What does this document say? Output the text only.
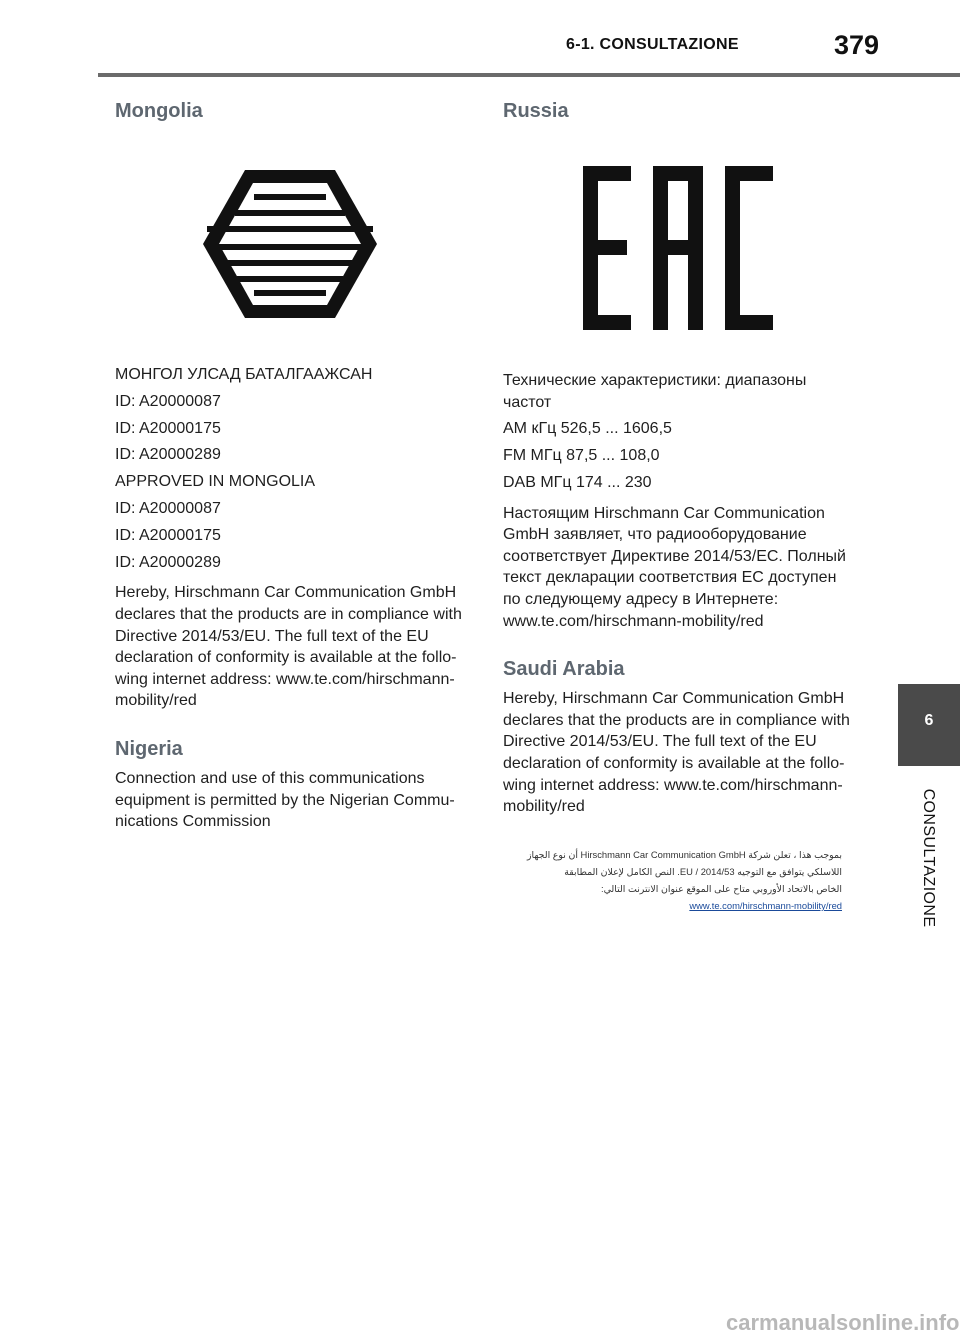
6-1. CONSULTAZIONE	379
Mongolia

МОНГОЛ УЛСАД БАТАЛГААЖСАН

ID: A20000087

ID: A20000175

ID: A20000289

APPROVED IN MONGOLIA

ID: A20000087

ID: A20000175

ID: A20000289

Hereby, Hirschmann Car Communication GmbH
declares that the products are in compliance with
Directive 2014/53/EU. The full text of the EU
declaration of conformity is available at the follo-
wing internet address: www.te.com/hirschmann-
mobility/red

Nigeria

Connection and use of this communications
equipment is permitted by the Nigerian Commu-
nications Commission

Russia
EAC

Технические характеристики: диапазоны
частот

AM кГц 526,5 ... 1606,5

FM МГц 87,5 ... 108,0

DAB МГц 174 ... 230

Настоящим Hirschmann Car Communication
GmbH заявляет, что радиооборудование
соответствует Директиве 2014/53/ЕС. Полный
текст декларации соответствия ЕС доступен
по следующему адресу в Интернете:
www.te.com/hirschmann-mobility/red

Saudi Arabia

Hereby, Hirschmann Car Communication GmbH
declares that the products are in compliance with
Directive 2014/53/EU. The full text of the EU
declaration of conformity is available at the follo-
wing internet address: www.te.com/hirschmann-
mobility/red

بموجب هذا ، تعلن شركة Hirschmann Car Communication GmbH أن نوع الجهاز

اللاسلكي يتوافق مع التوجيه 2014/53 / EU. النص الكامل لإعلان المطابقة

الخاص بالاتحاد الأوروبي متاح على الموقع عنوان الانترنت التالي:

www.te.com/hirschmann-mobility/red

6
CONSULTAZIONE
carmanualsonline.info
